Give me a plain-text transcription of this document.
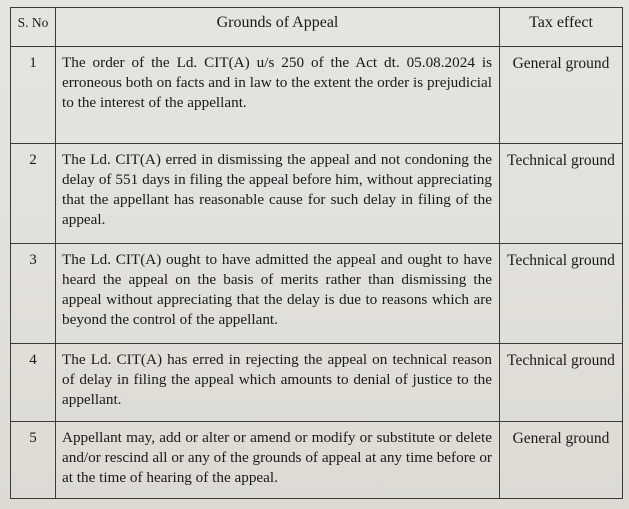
S. No	Grounds of Appeal	Tax effect
1	The order of the Ld. CIT(A) u/s 250 of the Act dt. 05.08.2024 is erroneous both on facts and in law to the extent the order is prejudicial to the interest of the appellant.	General ground
2	The Ld. CIT(A) erred in dismissing the appeal and not condoning the delay of 551 days in filing the appeal before him, without appreciating that the appellant has reasonable cause for such delay in filing of the appeal.	Technical ground
3	The Ld. CIT(A) ought to have admitted the appeal and ought to have heard the appeal on the basis of merits rather than dismissing the appeal without appreciating that the delay is due to reasons which are beyond the control of the appellant.	Technical ground
4	The Ld. CIT(A) has erred in rejecting the appeal on technical reason of delay in filing the appeal which amounts to denial of justice to the appellant.	Technical ground
5	Appellant may, add or alter or amend or modify or substitute or delete and/or rescind all or any of the grounds of appeal at any time before or at the time of hearing of the appeal.	General ground
